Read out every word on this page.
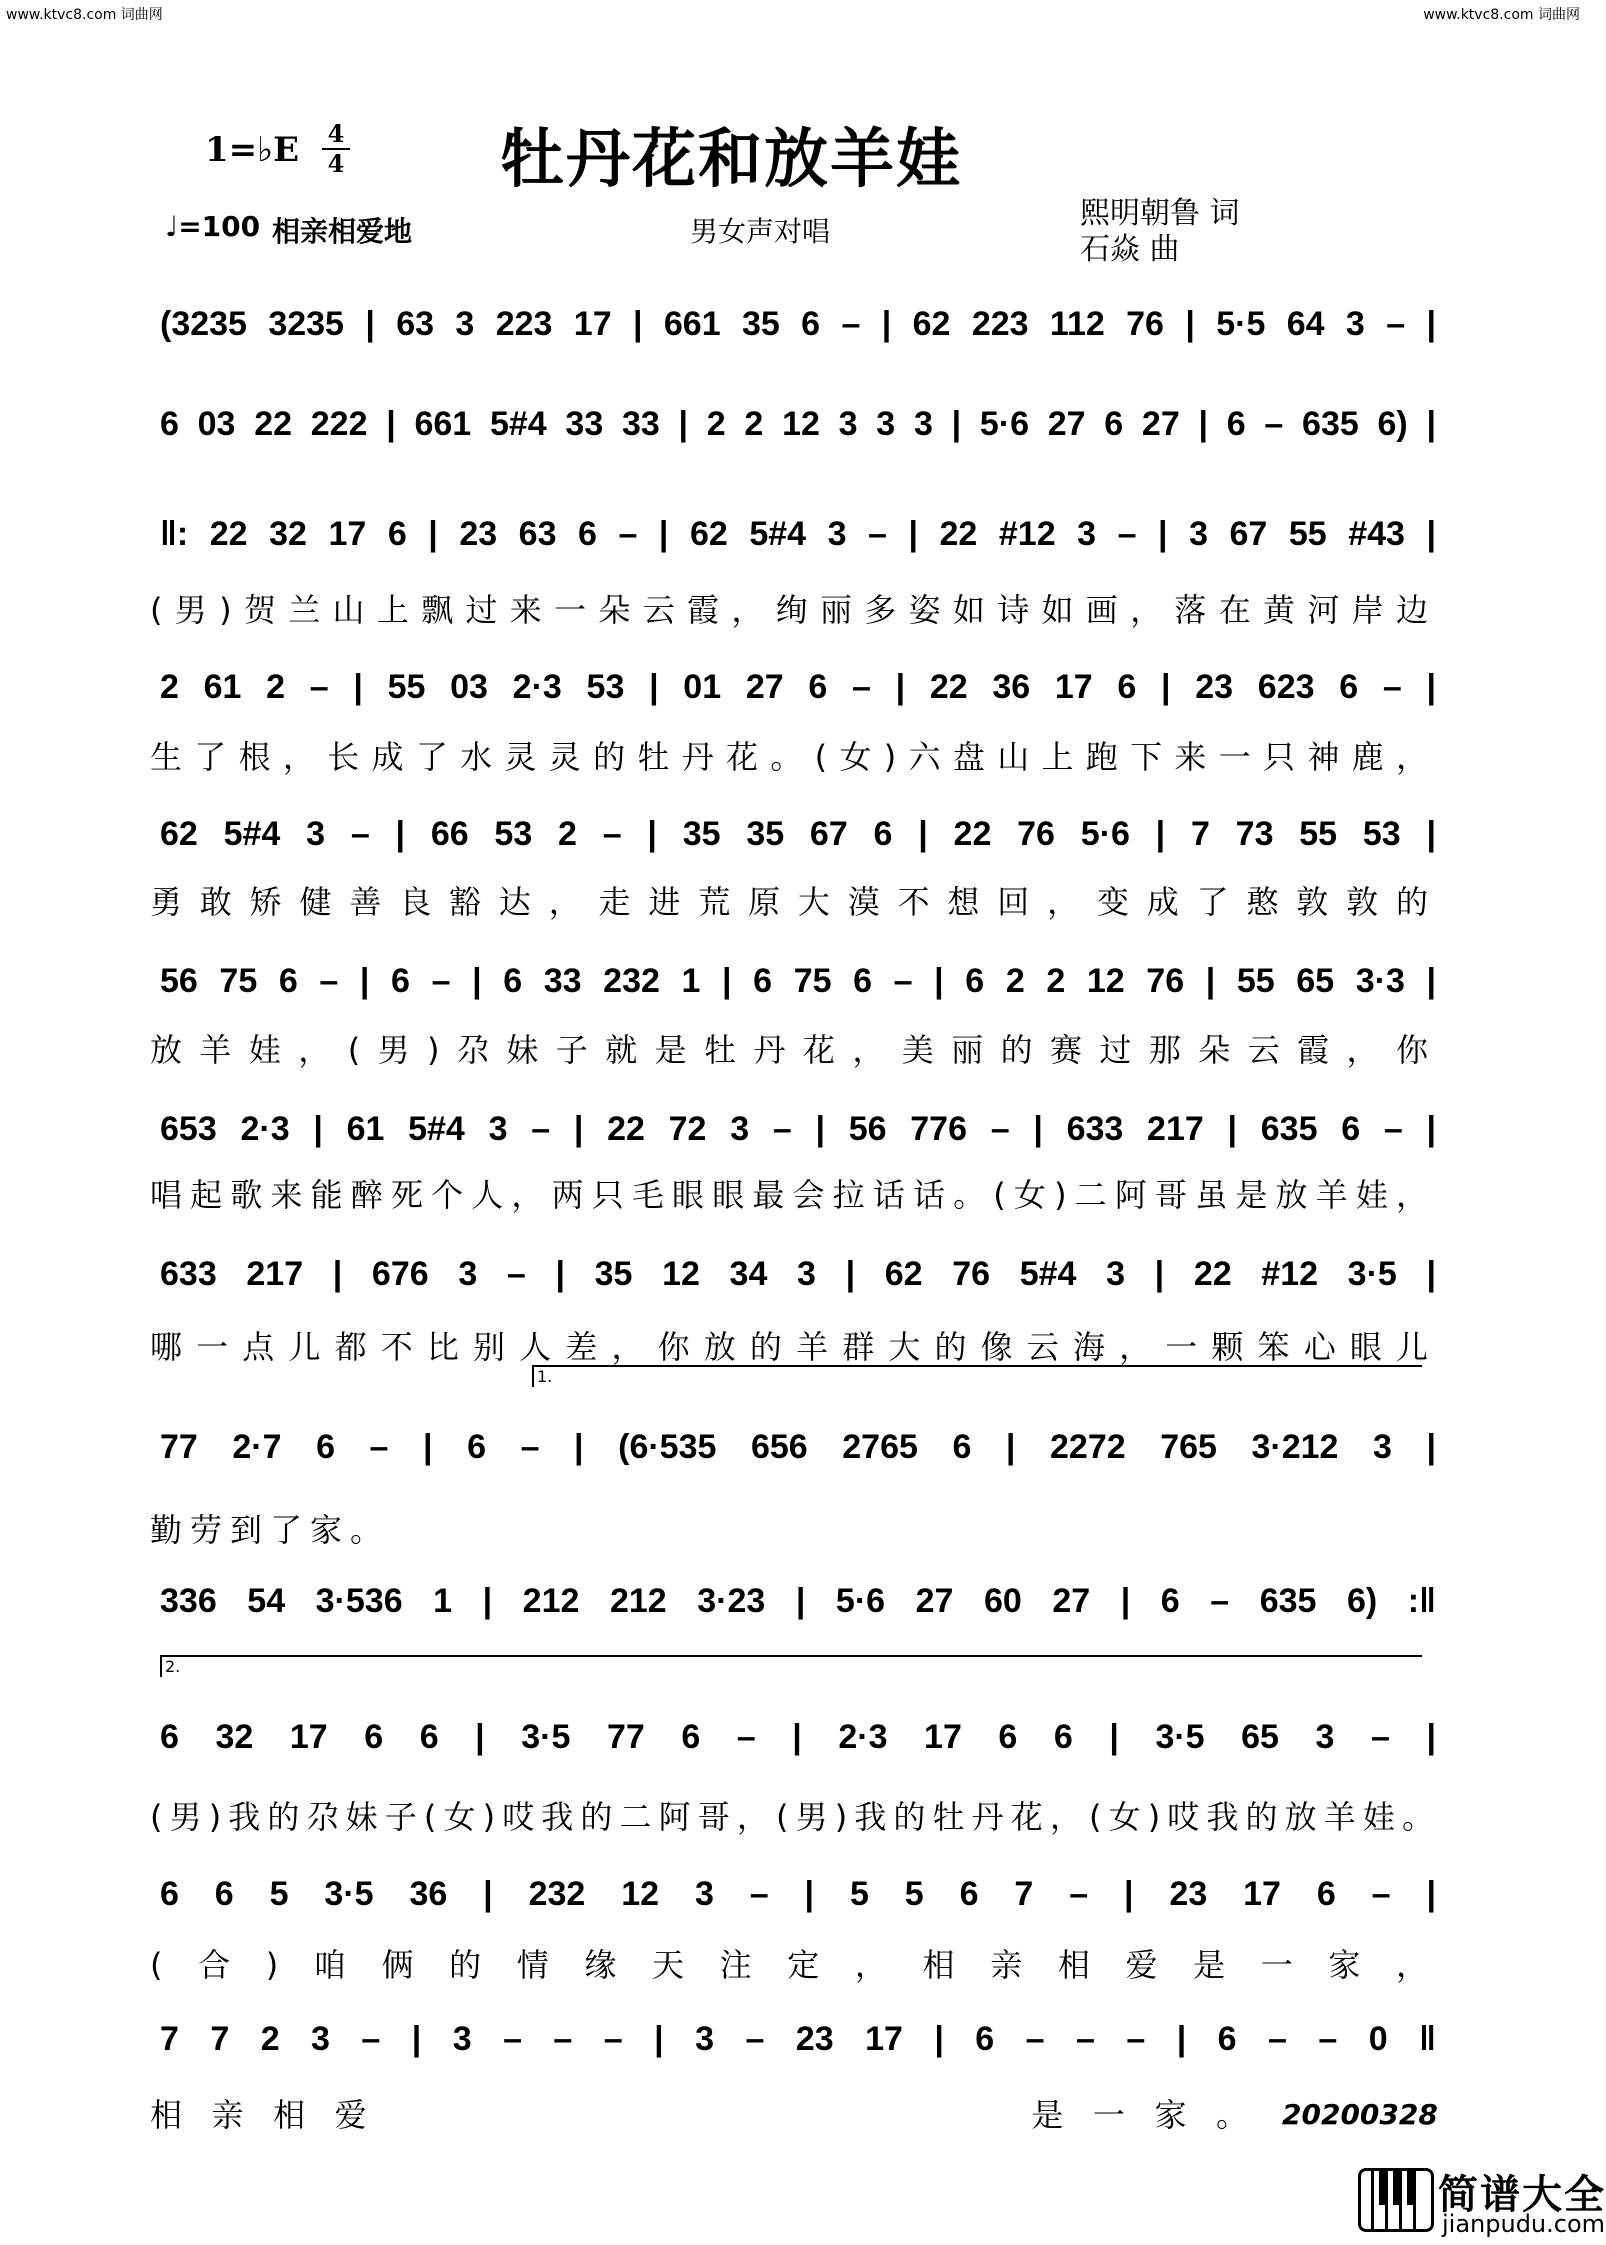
www.ktvc8.com 词曲网	www.ktvc8.com 词曲网
1=♭E 4
4 牡丹花和放羊娃
♩=100 相亲相爱地	男女声对唱
熙明朝鲁 词
石焱 曲
(3235 3235 | 63 3 223 17 | 661 35 6 – | 62 223 112 76 | 5·5 64 3 – |
6 03 22 222 | 661 5#4 33 33 | 2 2 12 3 3 3 | 5·6 27 6 27 | 6 – 635 6) |
‖: 22 32 17 6 | 23 63 6 – | 62 5#4 3 – | 22 #12 3 – | 3 67 55 #43 |
(男)贺兰山上飘过来一朵云霞，绚丽多姿如诗如画，落在黄河岸边
2 61 2 – | 55 03 2·3 53 | 01 27 6 – | 22 36 17 6 | 23 623 6 – |
生了根，长成了水灵灵的牡丹花。(女)六盘山上跑下来一只神鹿，
62 5#4 3 – | 66 53 2 – | 35 35 67 6 | 22 76 5·6 | 7 73 55 53 |
勇敢矫健善良豁达，走进荒原大漠不想回，变成了憨敦敦的
56 75 6 – | 6 – | 6 33 232 1 | 6 75 6 – | 6 2 2 12 76 | 55 65 3·3 |
放羊娃，(男)尕妹子就是牡丹花，美丽的赛过那朵云霞，你
653 2·3 | 61 5#4 3 – | 22 72 3 – | 56 776 – | 633 217 | 635 6 – |
唱起歌来能醉死个人，两只毛眼眼最会拉话话。(女)二阿哥虽是放羊娃，
633 217 | 676 3 – | 35 12 34 3 | 62 76 5#4 3 | 22 #12 3·5 |
哪一点儿都不比别人差，你放的羊群大的像云海，一颗笨心眼儿
1.
77 2·7 6 – | 6 – | (6·535 656 2765 6 | 2272 765 3·212 3 |
勤劳到了家。
336 54 3·536 1 | 212 212 3·23 | 5·6 27 60 27 | 6 – 635 6) :‖
2.
6 32 17 6 6 | 3·5 77 6 – | 2·3 17 6 6 | 3·5 65 3 – |
(男)我的尕妹子(女)哎我的二阿哥，(男)我的牡丹花，(女)哎我的放羊娃。
6 6 5 3·5 36 | 232 12 3 – | 5 5 6 7 – | 23 17 6 – |
(合)咱俩的情缘天注定，相亲相爱是一家，
7 7 2 3 – | 3 – – – | 3 – 23 17 | 6 – – – | 6 – – 0 ‖
相亲相爱                是一家。 20200328
简谱大全
jianpudu.com
